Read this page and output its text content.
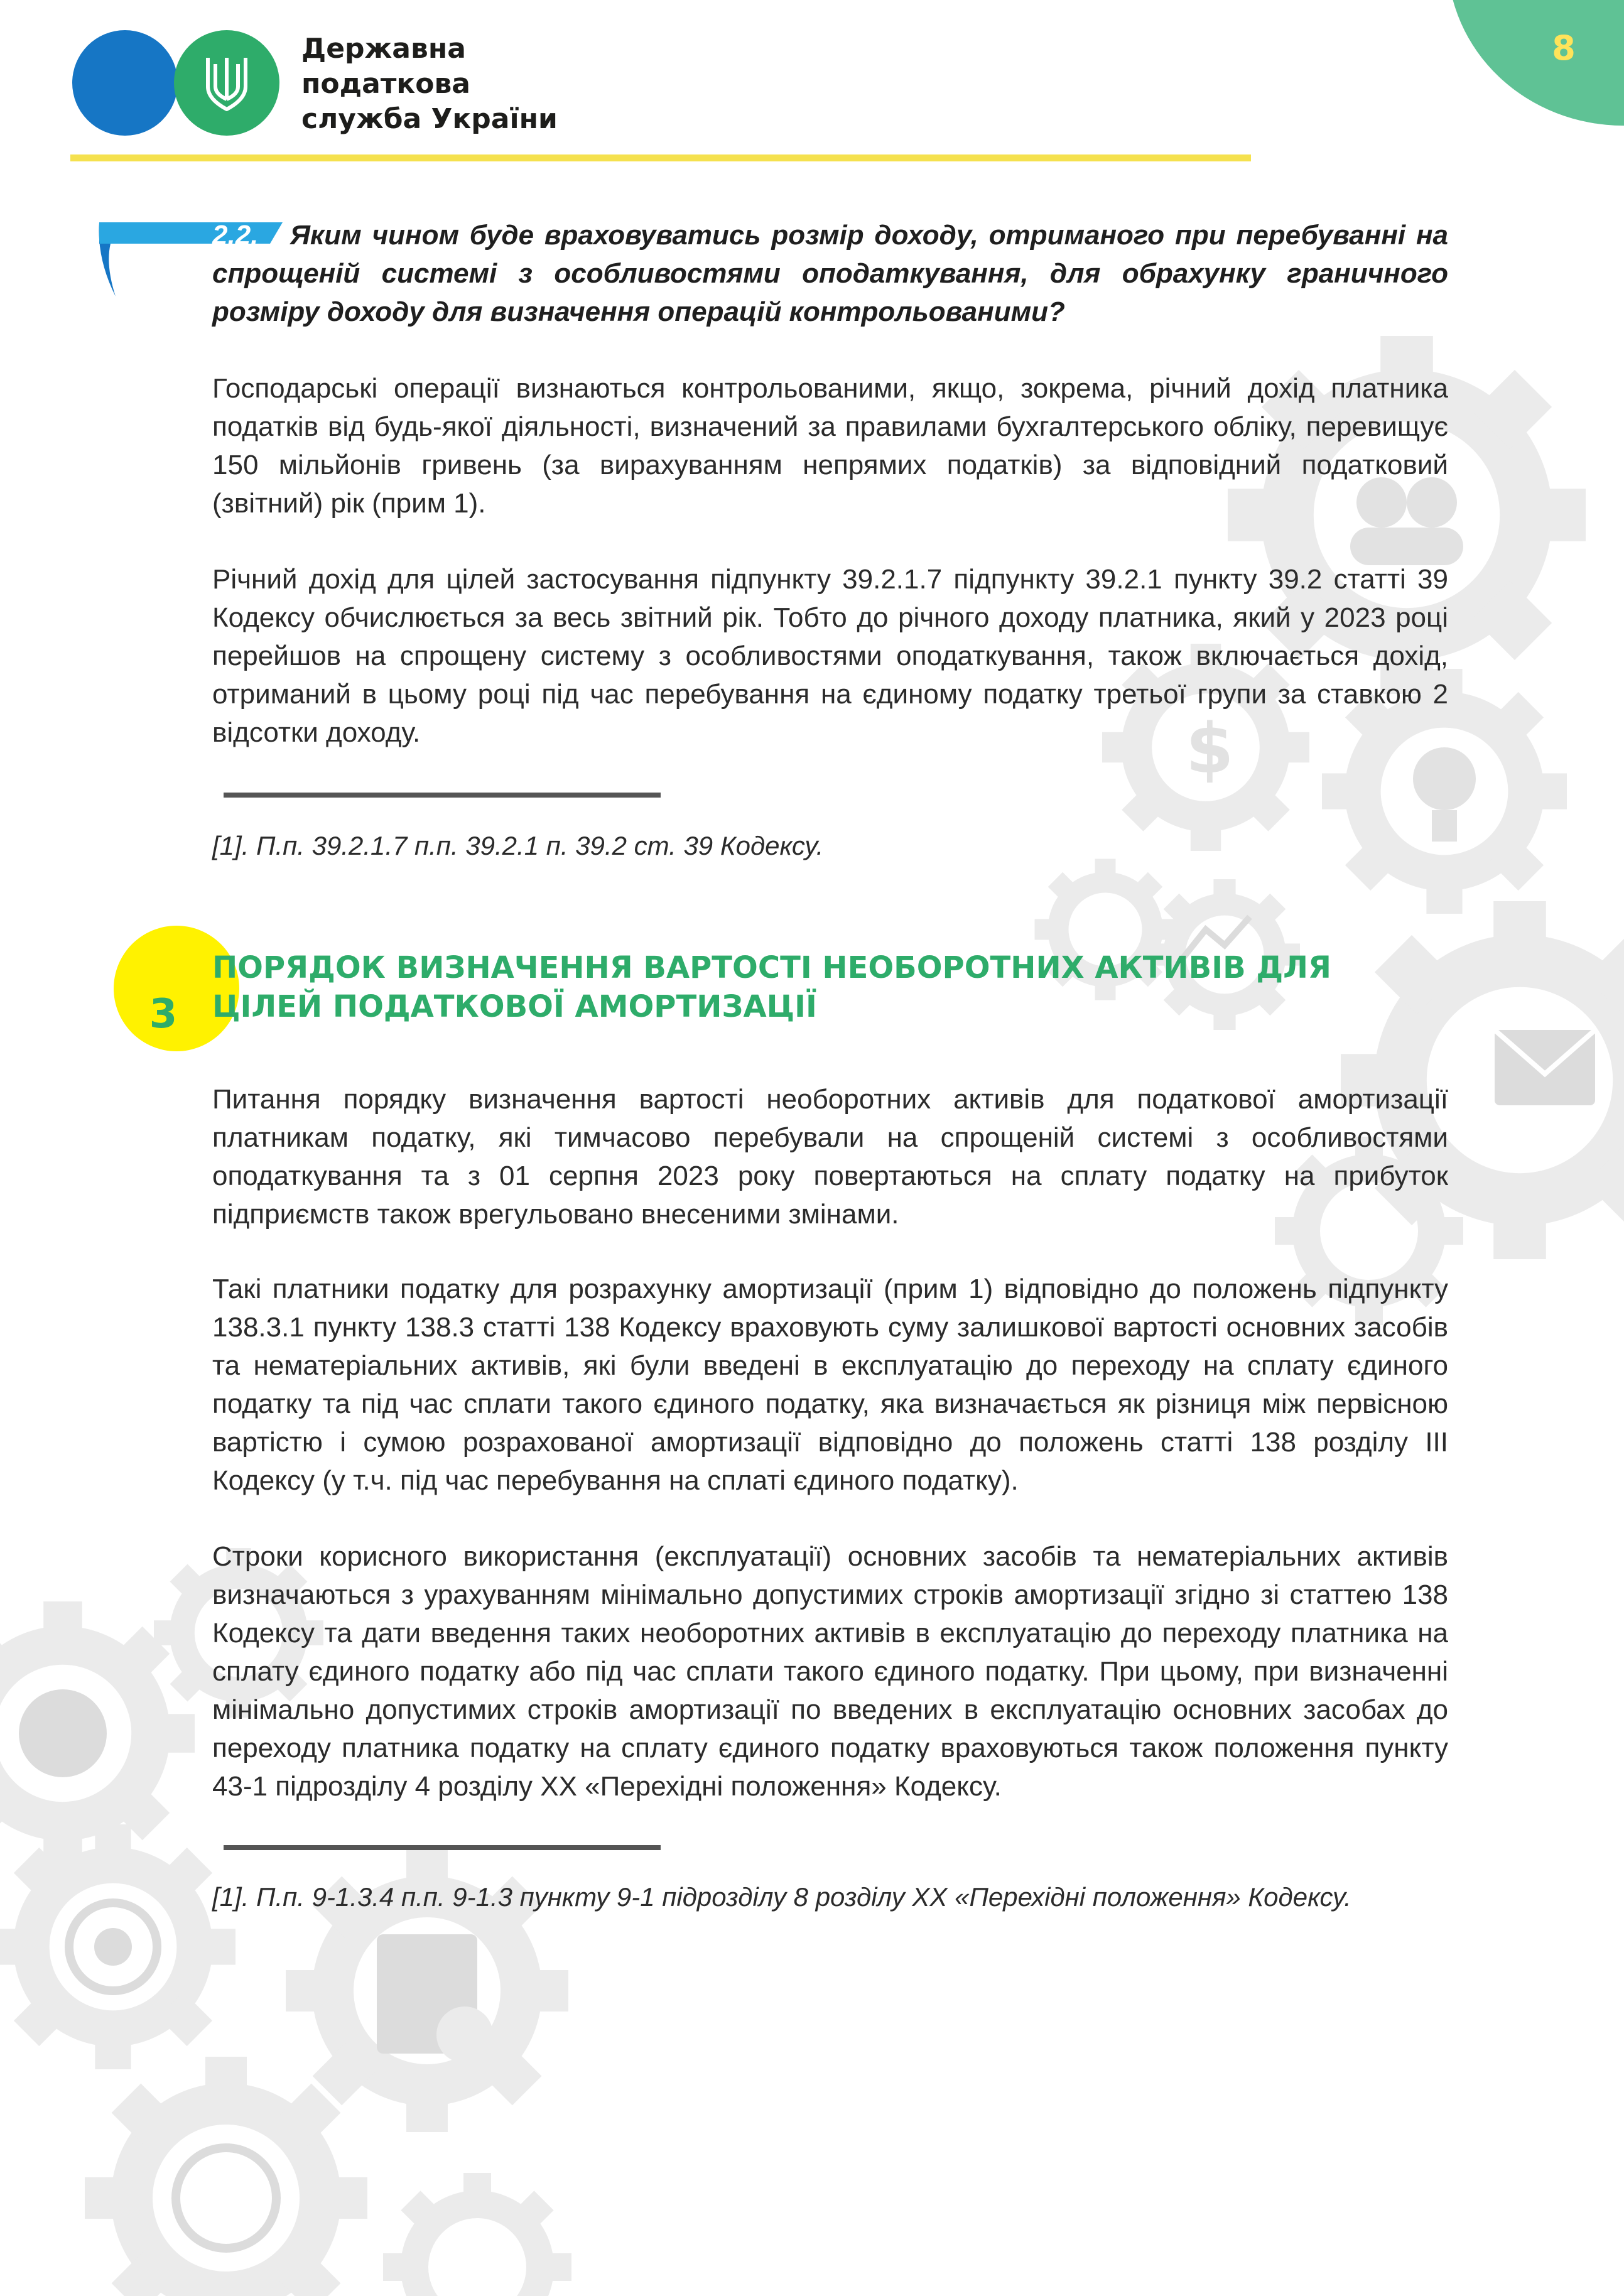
$
8
Державна
податкова
служба України
2.2. Яким чином буде враховуватись розмір доходу, отриманого при перебуванні на спрощеній системі з особливостями оподаткування, для обрахунку граничного розміру доходу для визначення операцій контрольованими?
Господарські операції визнаються контрольованими, якщо, зокрема, річний дохід платника податків від будь-якої діяльності, визначений за правилами бухгалтерського обліку, перевищує 150 мільйонів гривень (за вирахуванням непрямих податків) за відповідний податковий (звітний) рік (прим 1).
Річний дохід для цілей застосування підпункту 39.2.1.7 підпункту 39.2.1 пункту 39.2 статті 39 Кодексу обчислюється за весь звітний рік. Тобто до річного доходу платника, який у 2023 році перейшов на спрощену систему з особливостями оподаткування, також включається дохід, отриманий в цьому році під час перебування на єдиному податку третьої групи за ставкою 2 відсотки доходу.
[1]. П.п. 39.2.1.7 п.п. 39.2.1 п. 39.2 ст. 39 Кодексу.
3
ПОРЯДОК ВИЗНАЧЕННЯ ВАРТОСТІ НЕОБОРОТНИХ АКТИВІВ ДЛЯ ЦІЛЕЙ ПОДАТКОВОЇ АМОРТИЗАЦІЇ
Питання порядку визначення вартості необоротних активів для податкової амортизації платникам податку, які тимчасово перебували на спрощеній системі з особливостями оподаткування та з 01 серпня 2023 року повертаються на сплату податку на прибуток підприємств також врегульовано внесеними змінами.
Такі платники податку для розрахунку амортизації (прим 1) відповідно до положень підпункту 138.3.1 пункту 138.3 статті 138 Кодексу враховують суму залишкової вартості основних засобів та нематеріальних активів, які були введені в експлуатацію до переходу на сплату єдиного податку та під час сплати такого єдиного податку, яка визначається як різниця між первісною вартістю і сумою розрахованої амортизації відповідно до положень статті 138 розділу ІІІ Кодексу (у т.ч. під час перебування на сплаті єдиного податку).
Строки корисного використання (експлуатації) основних засобів та нематеріальних активів визначаються з урахуванням мінімально допустимих строків амортизації згідно зі статтею 138 Кодексу та дати введення таких необоротних активів в експлуатацію до переходу платника на сплату єдиного податку або під час сплати такого єдиного податку. При цьому, при визначенні мінімально допустимих строків амортизації по введених в експлуатацію основних засобах до переходу платника податку на сплату єдиного податку враховуються також положення пункту 43-1 підрозділу 4 розділу ХХ «Перехідні положення» Кодексу.
[1]. П.п. 9-1.3.4 п.п. 9-1.3 пункту 9-1 підрозділу 8 розділу ХХ «Перехідні положення» Кодексу.
